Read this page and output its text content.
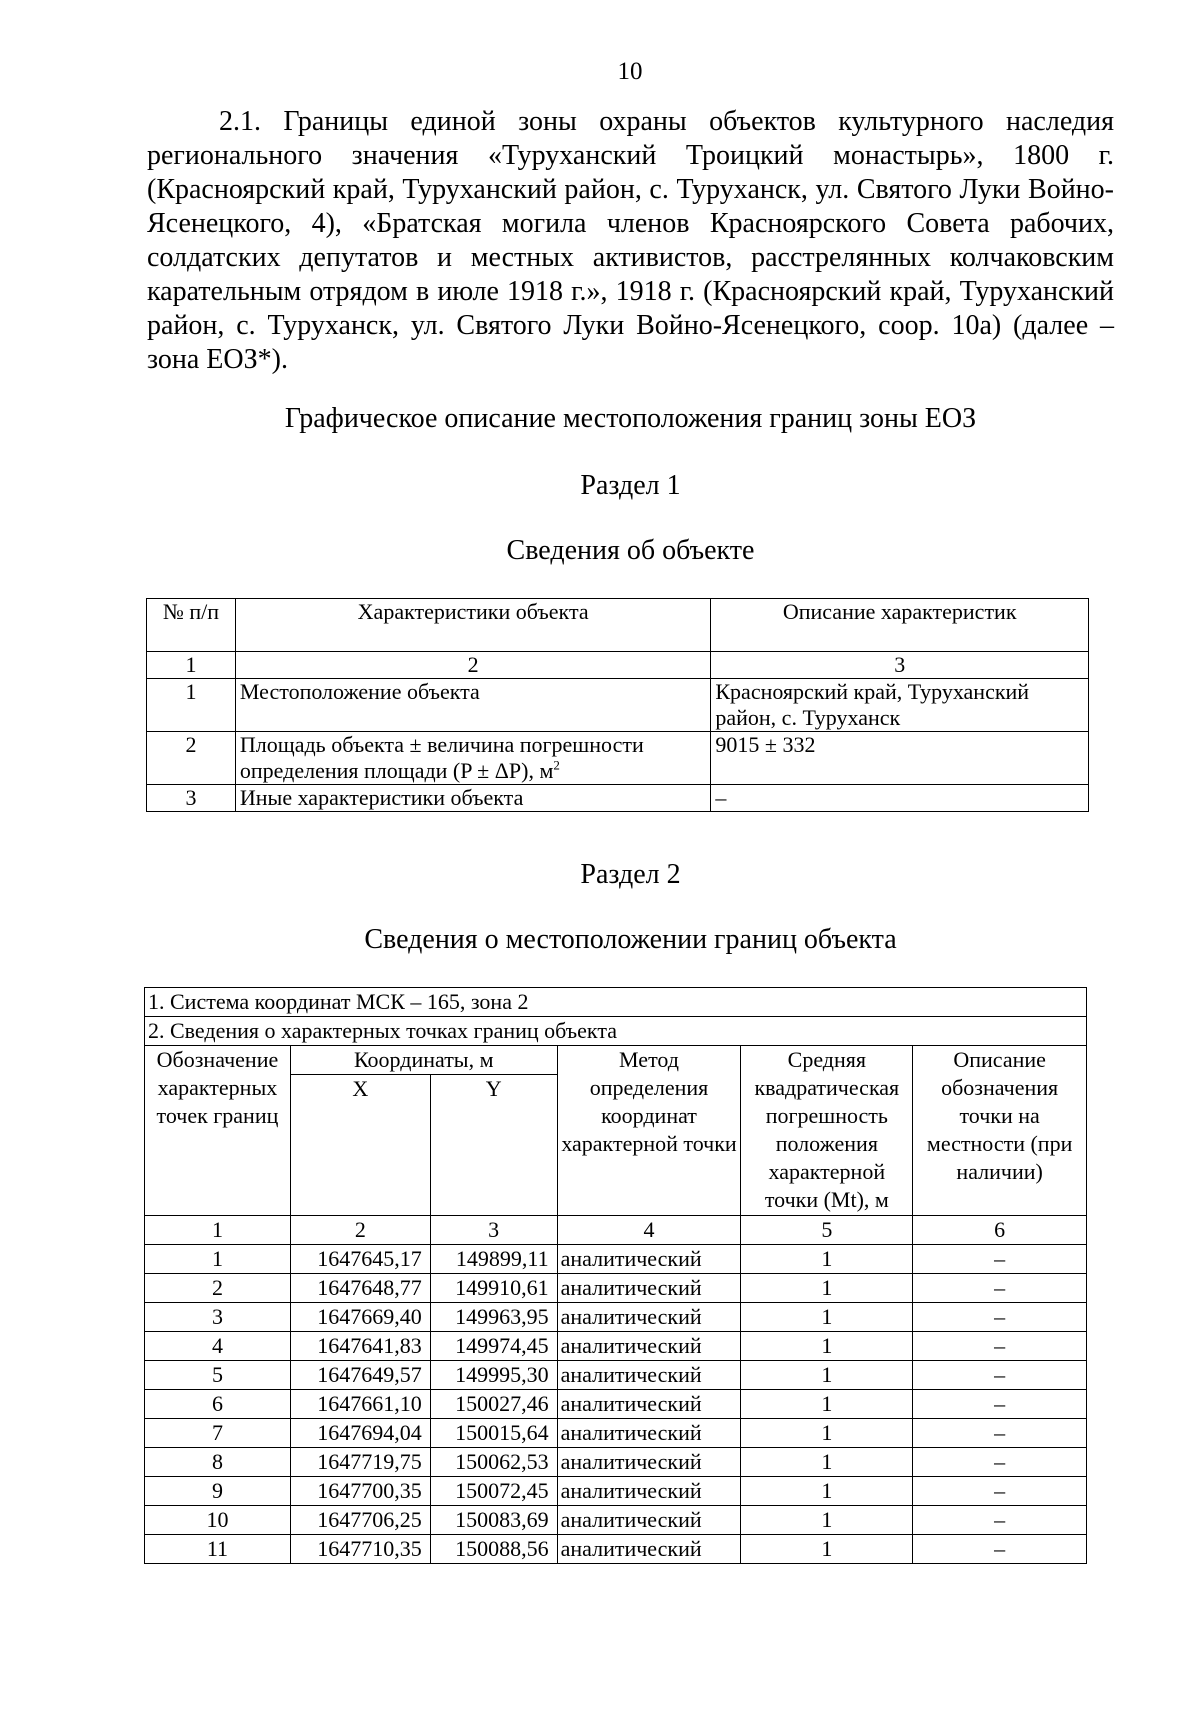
10

2.1. Границы единой зоны охраны объектов культурного наследия регионального значения «Туруханский Троицкий монастырь», 1800 г. (Красноярский край, Туруханский район, с. Туруханск, ул. Святого Луки Войно-Ясенецкого, 4), «Братская могила членов Красноярского Совета рабочих, солдатских депутатов и местных активистов, расстрелянных колчаковским карательным отрядом в июле 1918 г.», 1918 г. (Красноярский край, Туруханский район, с. Туруханск, ул. Святого Луки Войно-Ясенецкого, соор. 10а) (далее – зона ЕОЗ*).

Графическое описание местоположения границ зоны ЕОЗ

Раздел 1

Сведения об объекте

№ п/п	Характеристики объекта	Описание характеристик
1	2	3
1	Местоположение объекта	Красноярский край, Туруханский район, с. Туруханск
2	Площадь объекта ± величина погрешности определения площади (P ± ΔP), $м^2$	9015 ± 332
3	Иные характеристики объекта	–

Раздел 2

Сведения о местоположении границ объекта

1. Система координат МСК – 165, зона 2					
2. Сведения о характерных точках границ объекта					
Обозначение характерных точек границ	Координаты, м		Метод определения координат характерной точки	Средняя квадратическая погрешность положения характерной точки (Mt), м	Описание обозначения точки на местности (при наличии)
	X	Y			
1	2	3	4	5	6
1	1647645,17	149899,11	аналитический	1	–
2	1647648,77	149910,61	аналитический	1	–
3	1647669,40	149963,95	аналитический	1	–
4	1647641,83	149974,45	аналитический	1	–
5	1647649,57	149995,30	аналитический	1	–
6	1647661,10	150027,46	аналитический	1	–
7	1647694,04	150015,64	аналитический	1	–
8	1647719,75	150062,53	аналитический	1	–
9	1647700,35	150072,45	аналитический	1	–
10	1647706,25	150083,69	аналитический	1	–
11	1647710,35	150088,56	аналитический	1	–
